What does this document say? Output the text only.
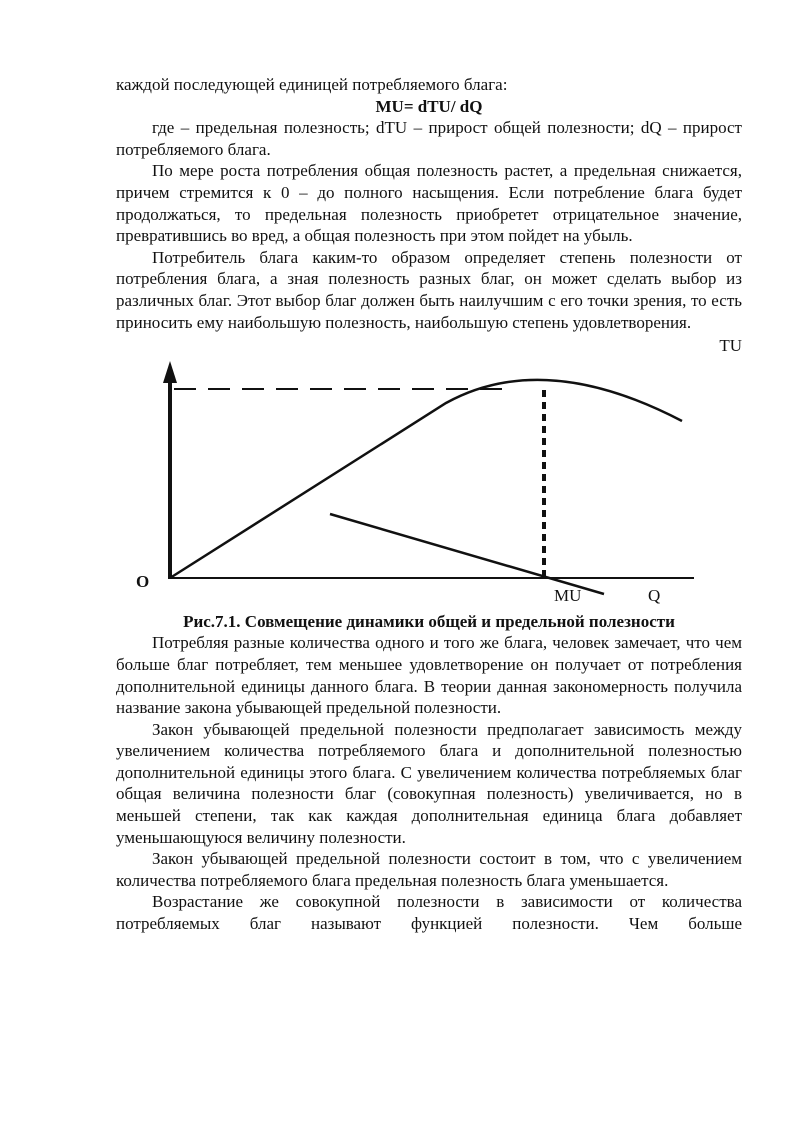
каждой последующей единицей потребляемого блага:

MU= dTU/ dQ

где – предельная полезность; dTU – прирост общей полезности; dQ – прирост потребляемого блага.

По мере роста потребления общая полезность растет, а предельная снижается, причем стремится к 0 – до полного насыщения. Если потребление блага будет продолжаться, то предельная полезность приобретет отрицательное значение, превратившись во вред, а общая полезность при этом пойдет на убыль.

Потребитель блага каким-то образом определяет степень полезности от потребления блага, а зная полезность разных благ, он может сделать выбор из различных благ. Этот выбор благ должен быть наилучшим с его точки зрения, то есть приносить ему наибольшую полезность, наибольшую степень удовлетворения.

TU

O
MU	Q

Рис.7.1. Совмещение динамики общей и предельной полезности

Потребляя разные количества одного и того же блага, человек замечает, что чем больше благ потребляет, тем меньшее удовлетворение он получает от потребления дополнительной единицы данного блага. В теории данная закономерность получила название закона убывающей предельной полезности.

Закон убывающей предельной полезности предполагает зависимость между увеличением количества потребляемого блага и дополнительной полезностью дополнительной единицы этого блага. С увеличением количества потребляемых благ общая величина полезности благ (совокупная полезность) увеличивается, но в меньшей степени, так как каждая дополнительная единица блага добавляет уменьшающуюся величину полезности.

Закон убывающей предельной полезности состоит в том, что с увеличением количества потребляемого блага предельная полезность блага уменьшается.

Возрастание же совокупной полезности в зависимости от количества потребляемых благ называют функцией полезности. Чем больше
